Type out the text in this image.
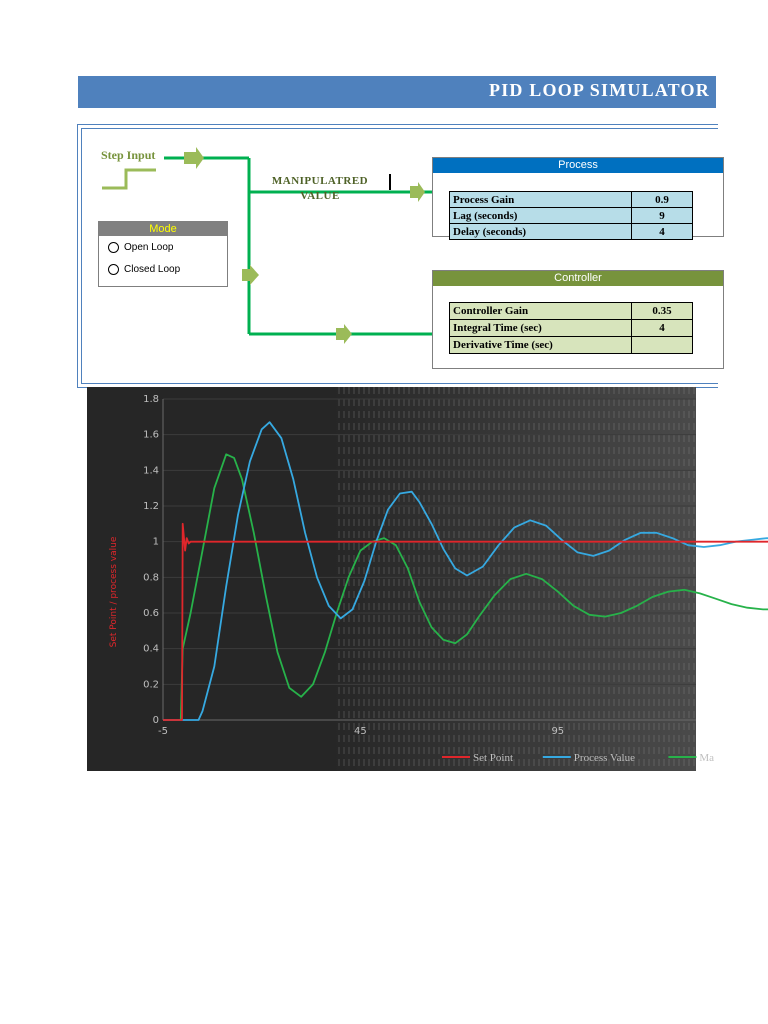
PID LOOP SIMULATOR
Step Input
MANIPULATRED
VALUE
Mode
Open Loop
Closed Loop
Process
Process Gain	0.9
Lag (seconds)	9
Delay (seconds)	4
Controller
Controller Gain	0.35
Integral Time (sec)	4
Derivative Time (sec)	
Set Point / process value
0
0.2
0.4
0.6
0.8
1
1.2
1.4
1.6
1.8
-5	45	95
Set Point	Process Value	Ma
